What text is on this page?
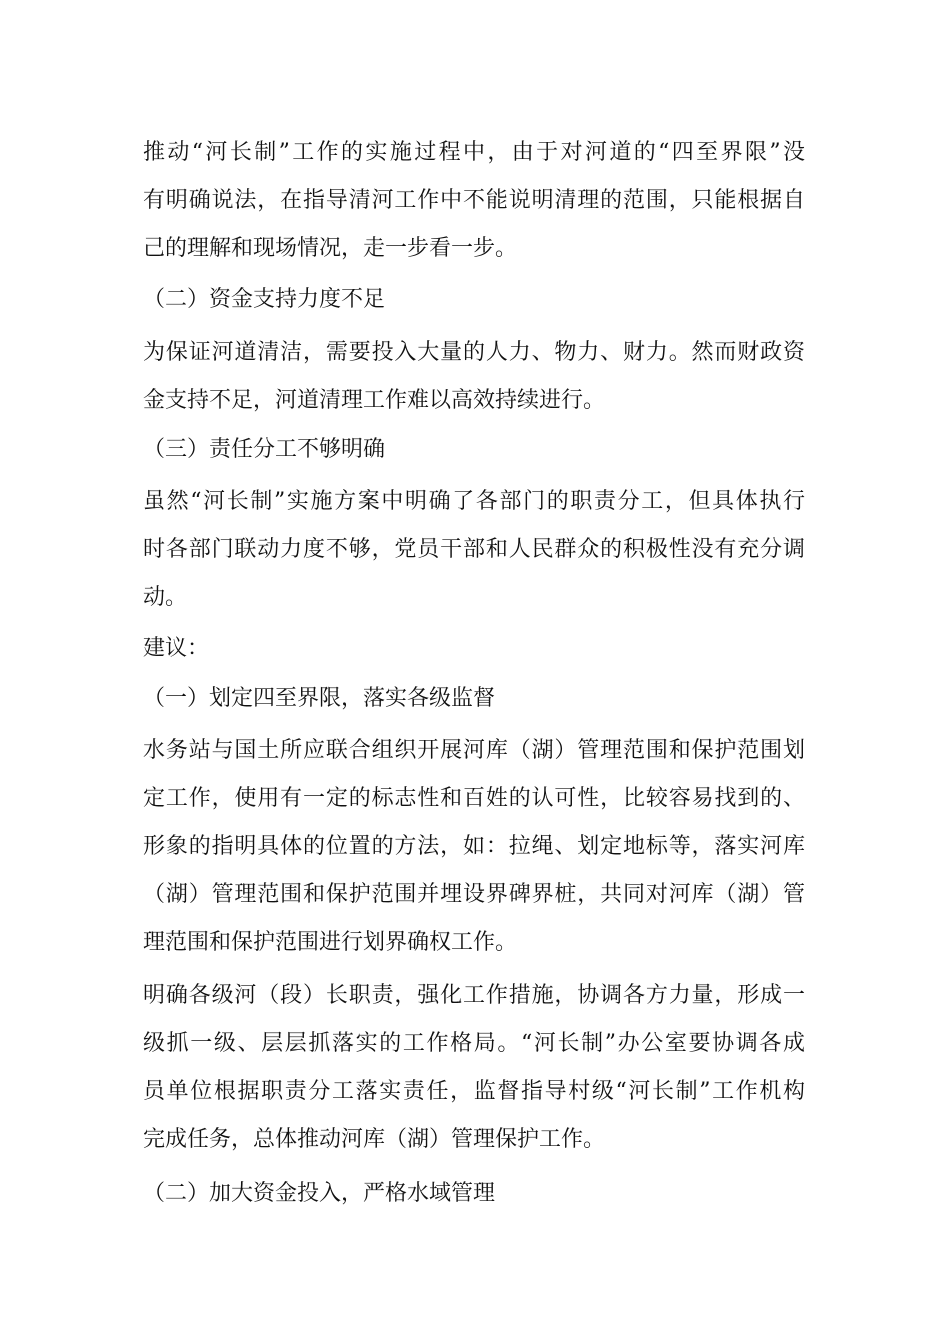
推动“河长制”工作的实施过程中，由于对河道的“四至界限”没
有明确说法，在指导清河工作中不能说明清理的范围，只能根据自
己的理解和现场情况，走一步看一步。
（二）资金支持力度不足
为保证河道清洁，需要投入大量的人力、物力、财力。然而财政资
金支持不足，河道清理工作难以高效持续进行。
（三）责任分工不够明确
虽然“河长制”实施方案中明确了各部门的职责分工，但具体执行
时各部门联动力度不够，党员干部和人民群众的积极性没有充分调
动。
建议：
（一）划定四至界限，落实各级监督
水务站与国土所应联合组织开展河库（湖）管理范围和保护范围划
定工作，使用有一定的标志性和百姓的认可性，比较容易找到的、
形象的指明具体的位置的方法，如：拉绳、划定地标等，落实河库
（湖）管理范围和保护范围并埋设界碑界桩，共同对河库（湖）管
理范围和保护范围进行划界确权工作。
明确各级河（段）长职责，强化工作措施，协调各方力量，形成一
级抓一级、层层抓落实的工作格局。“河长制”办公室要协调各成
员单位根据职责分工落实责任，监督指导村级“河长制”工作机构
完成任务，总体推动河库（湖）管理保护工作。
（二）加大资金投入，严格水域管理
